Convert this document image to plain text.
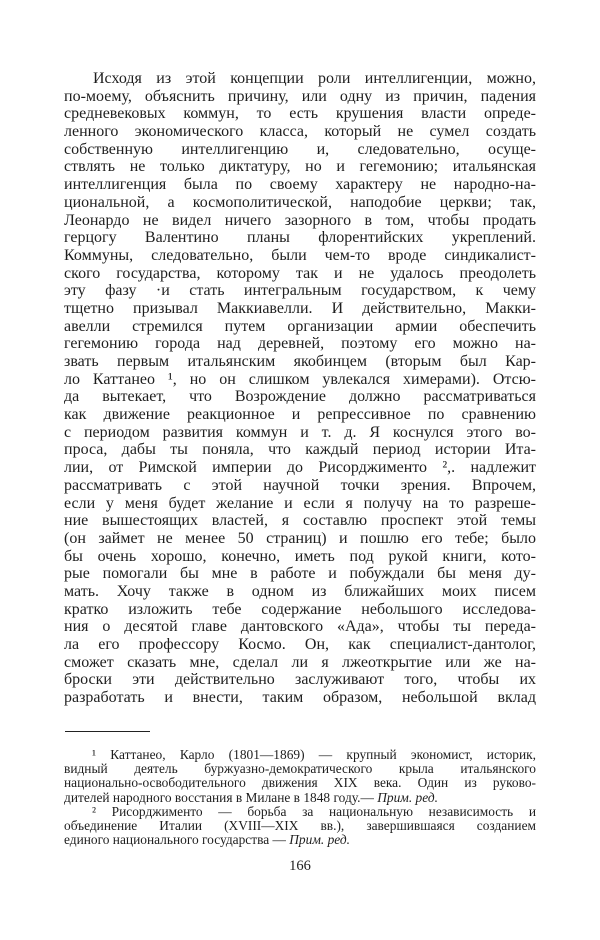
Исходя из этой концепции роли интеллигенции, можно,
по-моему, объяснить причину, или одну из причин, падения
средневековых коммун, то есть крушения власти опреде-
ленного экономического класса, который не сумел создать
собственную интеллигенцию и, следовательно, осуще-
ствлять не только диктатуру, но и гегемонию; итальянская
интеллигенция была по своему характеру не народно-на-
циональной, а космополитической, наподобие церкви; так,
Леонардо не видел ничего зазорного в том, чтобы продать
герцогу Валентино планы флорентийских укреплений.
Коммуны, следовательно, были чем-то вроде синдикалист-
ского государства, которому так и не удалось преодолеть
эту фазу ·и стать интегральным государством, к чему
тщетно призывал Маккиавелли. И действительно, Макки-
авелли стремился путем организации армии обеспечить
гегемонию города над деревней, поэтому его можно на-
звать первым итальянским якобинцем (вторым был Кар-
ло Каттанео ¹, но он слишком увлекался химерами). Отсю-
да вытекает, что Возрождение должно рассматриваться
как движение реакционное и репрессивное по сравнению
с периодом развития коммун и т. д. Я коснулся этого во-
проса, дабы ты поняла, что каждый период истории Ита-
лии, от Римской империи до Рисорджименто ²,. надлежит
рассматривать с этой научной точки зрения. Впрочем,
если у меня будет желание и если я получу на то разреше-
ние вышестоящих властей, я составлю проспект этой темы
(он займет не менее 50 страниц) и пошлю его тебе; было
бы очень хорошо, конечно, иметь под рукой книги, кото-
рые помогали бы мне в работе и побуждали бы меня ду-
мать. Хочу также в одном из ближайших моих писем
кратко изложить тебе содержание небольшого исследова-
ния о десятой главе дантовского «Ада», чтобы ты переда-
ла его профессору Космо. Он, как специалист-дантолог,
сможет сказать мне, сделал ли я лжеоткрытие или же на-
броски эти действительно заслуживают того, чтобы их
разработать и внести, таким образом, небольшой вклад
¹ Каттанео, Карло (1801—1869) — крупный экономист, историк,
видный деятель буржуазно-демократического крыла итальянского
национально-освободительного движения XIX века. Один из руково-
дителей народного восстания в Милане в 1848 году.— Прим. ред.
² Рисорджименто — борьба за национальную независимость и
объединение Италии (XVIII—XIX вв.), завершившаяся созданием
единого национального государства — Прим. ред.
166
